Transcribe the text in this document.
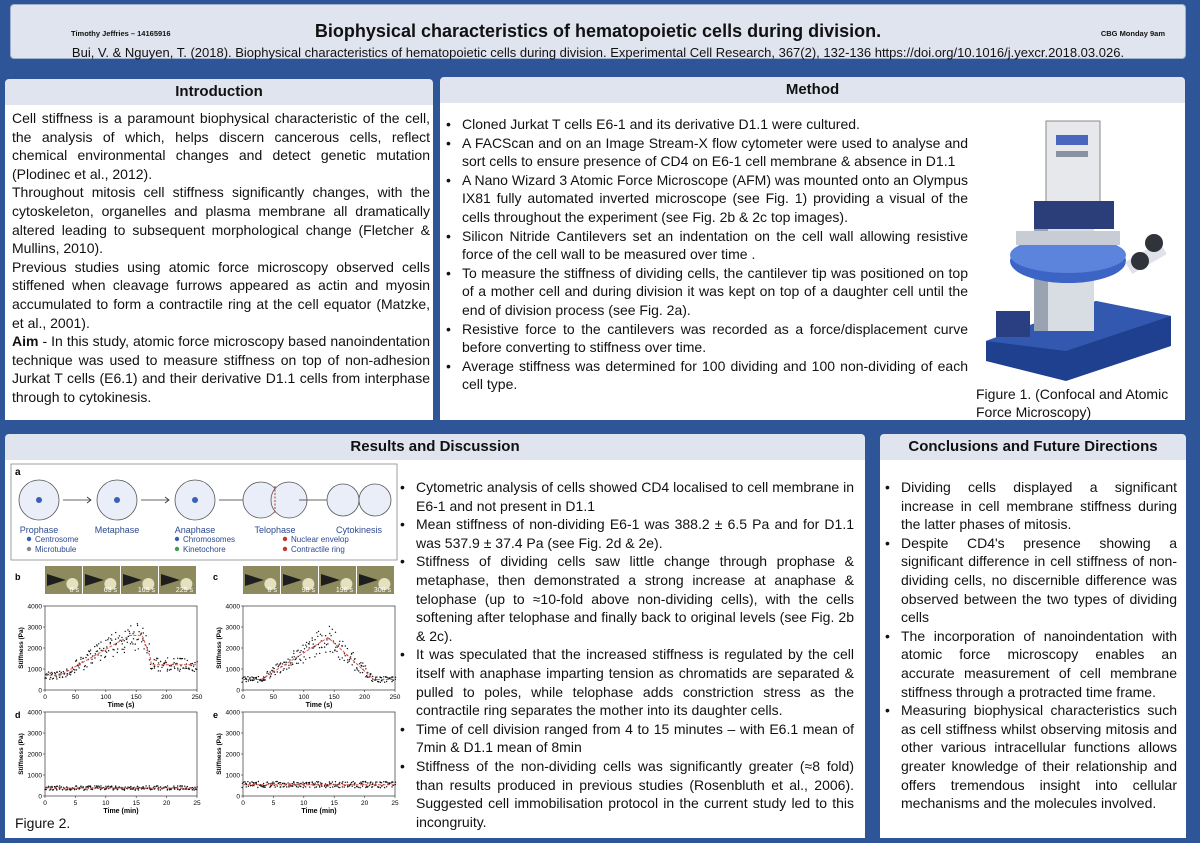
Timothy Jeffries – 14165916	Biophysical characteristics of hematopoietic cells during division.	CBG Monday 9am
Bui, V. & Nguyen, T. (2018). Biophysical characteristics of hematopoietic cells during division. Experimental Cell Research, 367(2), 132-136 https://doi.org/10.1016/j.yexcr.2018.03.026.
Introduction

Cell stiffness is a paramount biophysical characteristic of the cell, the analysis of which, helps discern cancerous cells, reflect chemical environmental changes and detect genetic mutation (Plodinec et al., 2012).

Throughout mitosis cell stiffness significantly changes, with the cytoskeleton, organelles and plasma membrane all dramatically altered leading to subsequent morphological change (Fletcher & Mullins, 2010).

Previous studies using atomic force microscopy observed cells stiffened when cleavage furrows appeared as actin and myosin accumulated to form a contractile ring at the cell equator (Matzke, et al., 2001).

Aim - In this study, atomic force microscopy based nanoindentation technique was used to measure stiffness on top of non-adhesion Jurkat T cells (E6.1) and their derivative D1.1 cells from interphase through to cytokinesis.

Method
• Cloned Jurkat T cells E6-1 and its derivative D1.1 were cultured.
• A FACScan and on an Image Stream-X flow cytometer were used to analyse and sort cells to ensure presence of CD4 on E6-1 cell membrane & absence in D1.1
• A Nano Wizard 3 Atomic Force Microscope (AFM) was mounted onto an Olympus IX81 fully automated inverted microscope (see Fig. 1) providing a visual of the cells throughout the experiment (see Fig. 2b & 2c top images).
• Silicon Nitride Cantilevers set an indentation on the cell wall allowing resistive force of the cell wall to be measured over time .
• To measure the stiffness of dividing cells, the cantilever tip was positioned on top of a mother cell and during division it was kept on top of a daughter cell until the end of division process (see Fig. 2a).
• Resistive force to the cantilevers was recorded as a force/displacement curve before converting to stiffness over time.
• Average stiffness was determined for 100 dividing and 100 non-dividing of each cell type.
Figure 1. (Confocal and Atomic Force Microscopy)
Results and Discussion
a
Prophase	Metaphase	Anaphase	Telophase	Cytokinesis
Centrosome
Microtubule
Chromosomes
Kinetochore
Nuclear envelop
Contractile ring
b
0 s	63 s	165 s	225 s
0
1000
2000
3000
4000
0	50	100	150	200	250
Time (s)
Stiffness (Pa)
c
0 s	98 s	196 s	300 s
0
1000
2000
3000
4000
0	50	100	150	200	250
Time (s)
Stiffness (Pa)
d
0
1000
2000
3000
4000
0	5	10	15	20	25
Time (min)
Stiffness (Pa)
e
0
1000
2000
3000
4000
0	5	10	15	20	25
Time (min)
Stiffness (Pa)
Figure 2.
• Cytometric analysis of cells showed CD4 localised to cell membrane in E6-1 and not present in D1.1
• Mean stiffness of non-dividing E6-1 was 388.2 ± 6.5 Pa and for D1.1 was 537.9 ± 37.4 Pa (see Fig. 2d & 2e).
• Stiffness of dividing cells saw little change through prophase & metaphase, then demonstrated a strong increase at anaphase & telophase (up to ≈10-fold above non-dividing cells), with the cells softening after telophase and finally back to original levels (see Fig. 2b & 2c).
• It was speculated that the increased stiffness is regulated by the cell itself with anaphase imparting tension as chromatids are separated & pulled to poles, while telophase adds constriction stress as the contractile ring separates the mother into its daughter cells.
• Time of cell division ranged from 4 to 15 minutes – with E6.1 mean of 7min & D1.1 mean of 8min
• Stiffness of the non-dividing cells was significantly greater (≈8 fold) than results produced in previous studies (Rosenbluth et al., 2006). Suggested cell immobilisation protocol in the current study led to this incongruity.
Conclusions and Future Directions
• Dividing cells displayed a significant increase in cell membrane stiffness during the latter phases of mitosis.
• Despite CD4's presence showing a significant difference in cell stiffness of non-dividing cells, no discernible difference was observed between the two types of dividing cells
• The incorporation of nanoindentation with atomic force microscopy enables an accurate measurement of cell membrane stiffness through a protracted time frame.
• Measuring biophysical characteristics such as cell stiffness whilst observing mitosis and other various intracellular functions allows greater knowledge of their relationship and offers tremendous insight into cellular mechanisms and the molecules involved.
